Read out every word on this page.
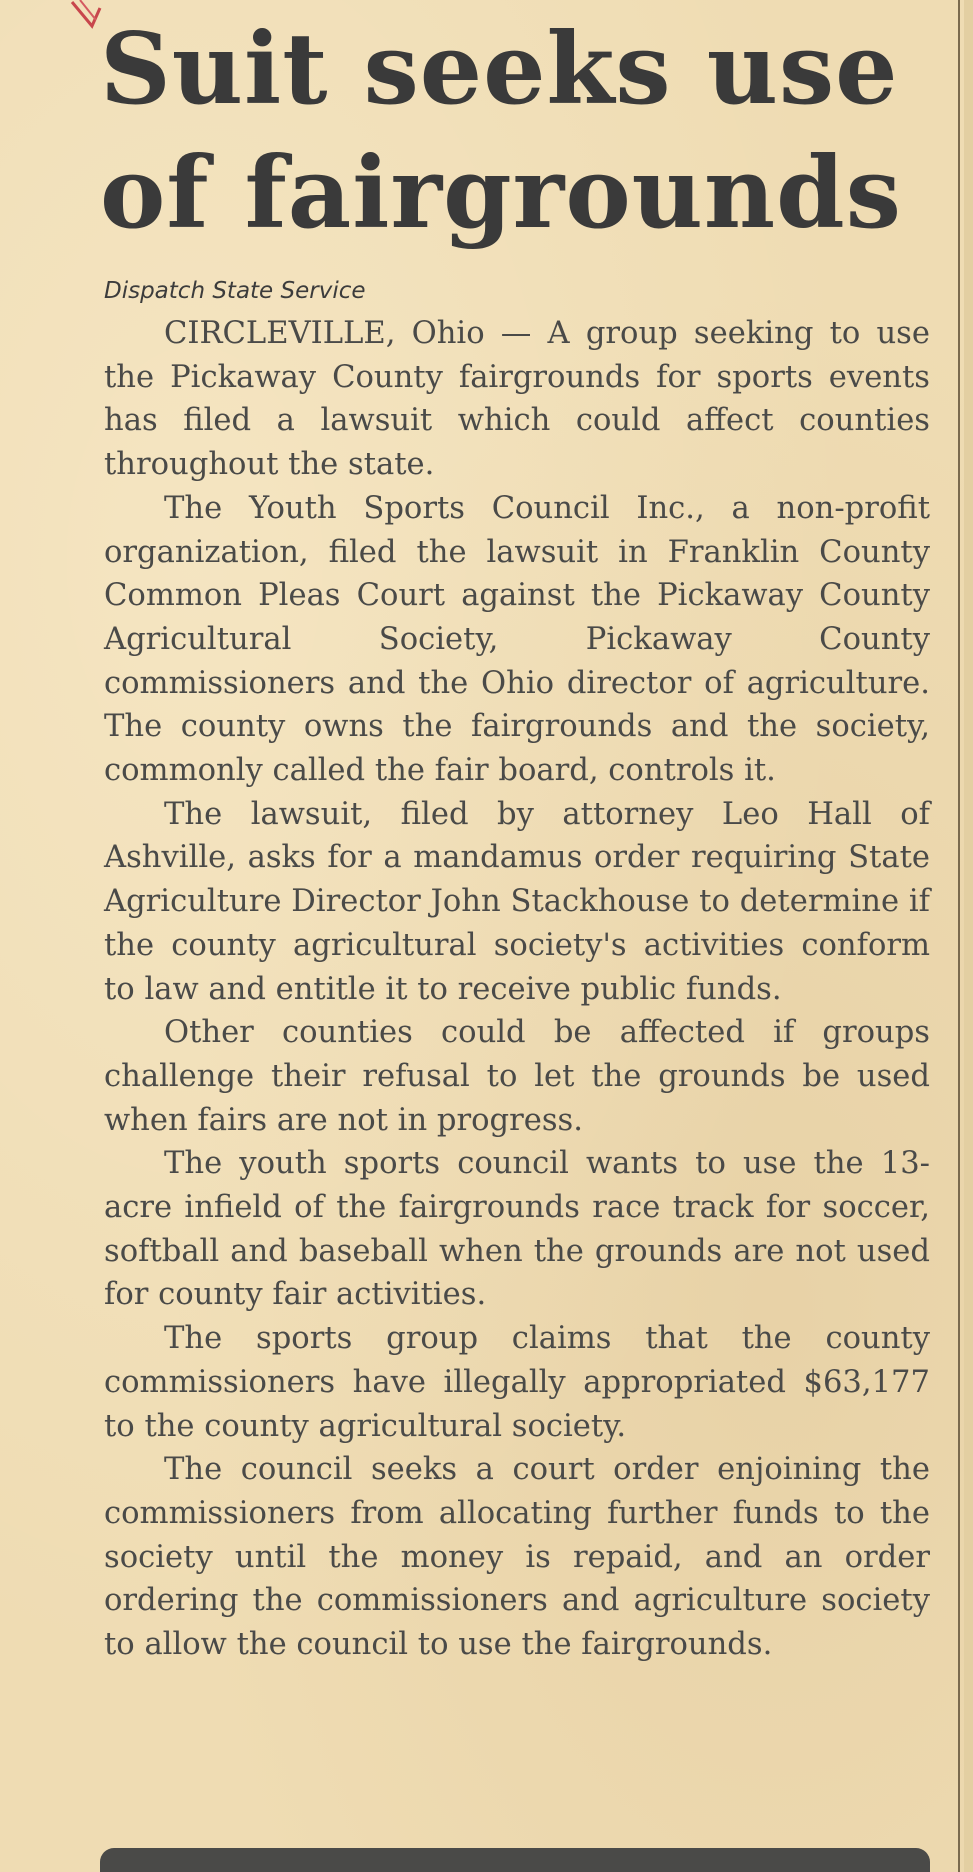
Suit seeks use of fairgrounds
Dispatch State Service

CIRCLEVILLE, Ohio — A group seeking to use the Pickaway County fairgrounds for sports events has filed a lawsuit which could affect counties throughout the state.

The Youth Sports Council Inc., a non-profit organization, filed the lawsuit in Franklin County Common Pleas Court against the Pickaway County Agricultural Society, Pickaway County commissioners and the Ohio director of agriculture. The county owns the fairgrounds and the society, commonly called the fair board, controls it.

The lawsuit, filed by attorney Leo Hall of Ashville, asks for a mandamus order requiring State Agriculture Director John Stackhouse to determine if the county agricultural society's activities conform to law and entitle it to receive public funds.

Other counties could be affected if groups challenge their refusal to let the grounds be used when fairs are not in progress.

The youth sports council wants to use the 13-acre infield of the fairgrounds race track for soccer, softball and baseball when the grounds are not used for county fair activities.

The sports group claims that the county commissioners have illegally appropriated $63,177 to the county agricultural society.

The council seeks a court order enjoining the commissioners from allocating further funds to the society until the money is repaid, and an order ordering the commissioners and agriculture society to allow the council to use the fairgrounds.
